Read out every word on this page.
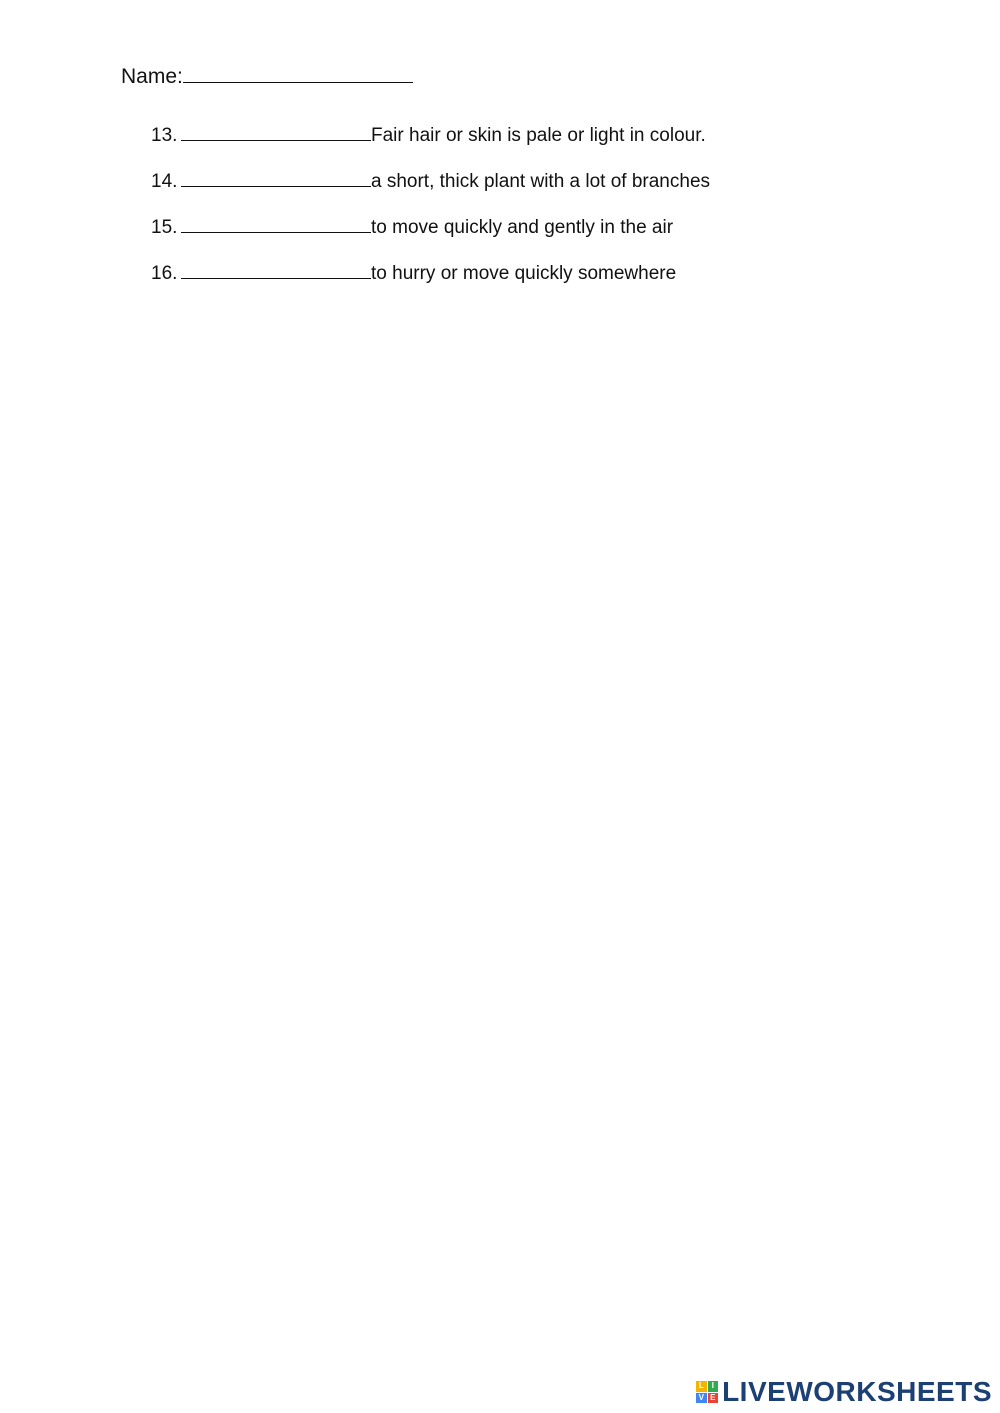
Name:
13.	Fair hair or skin is pale or light in colour.
14.	a short, thick plant with a lot of branches
15.	to move quickly and gently in the air
16.	to hurry or move quickly somewhere
L I
V E LIVEWORKSHEETS
